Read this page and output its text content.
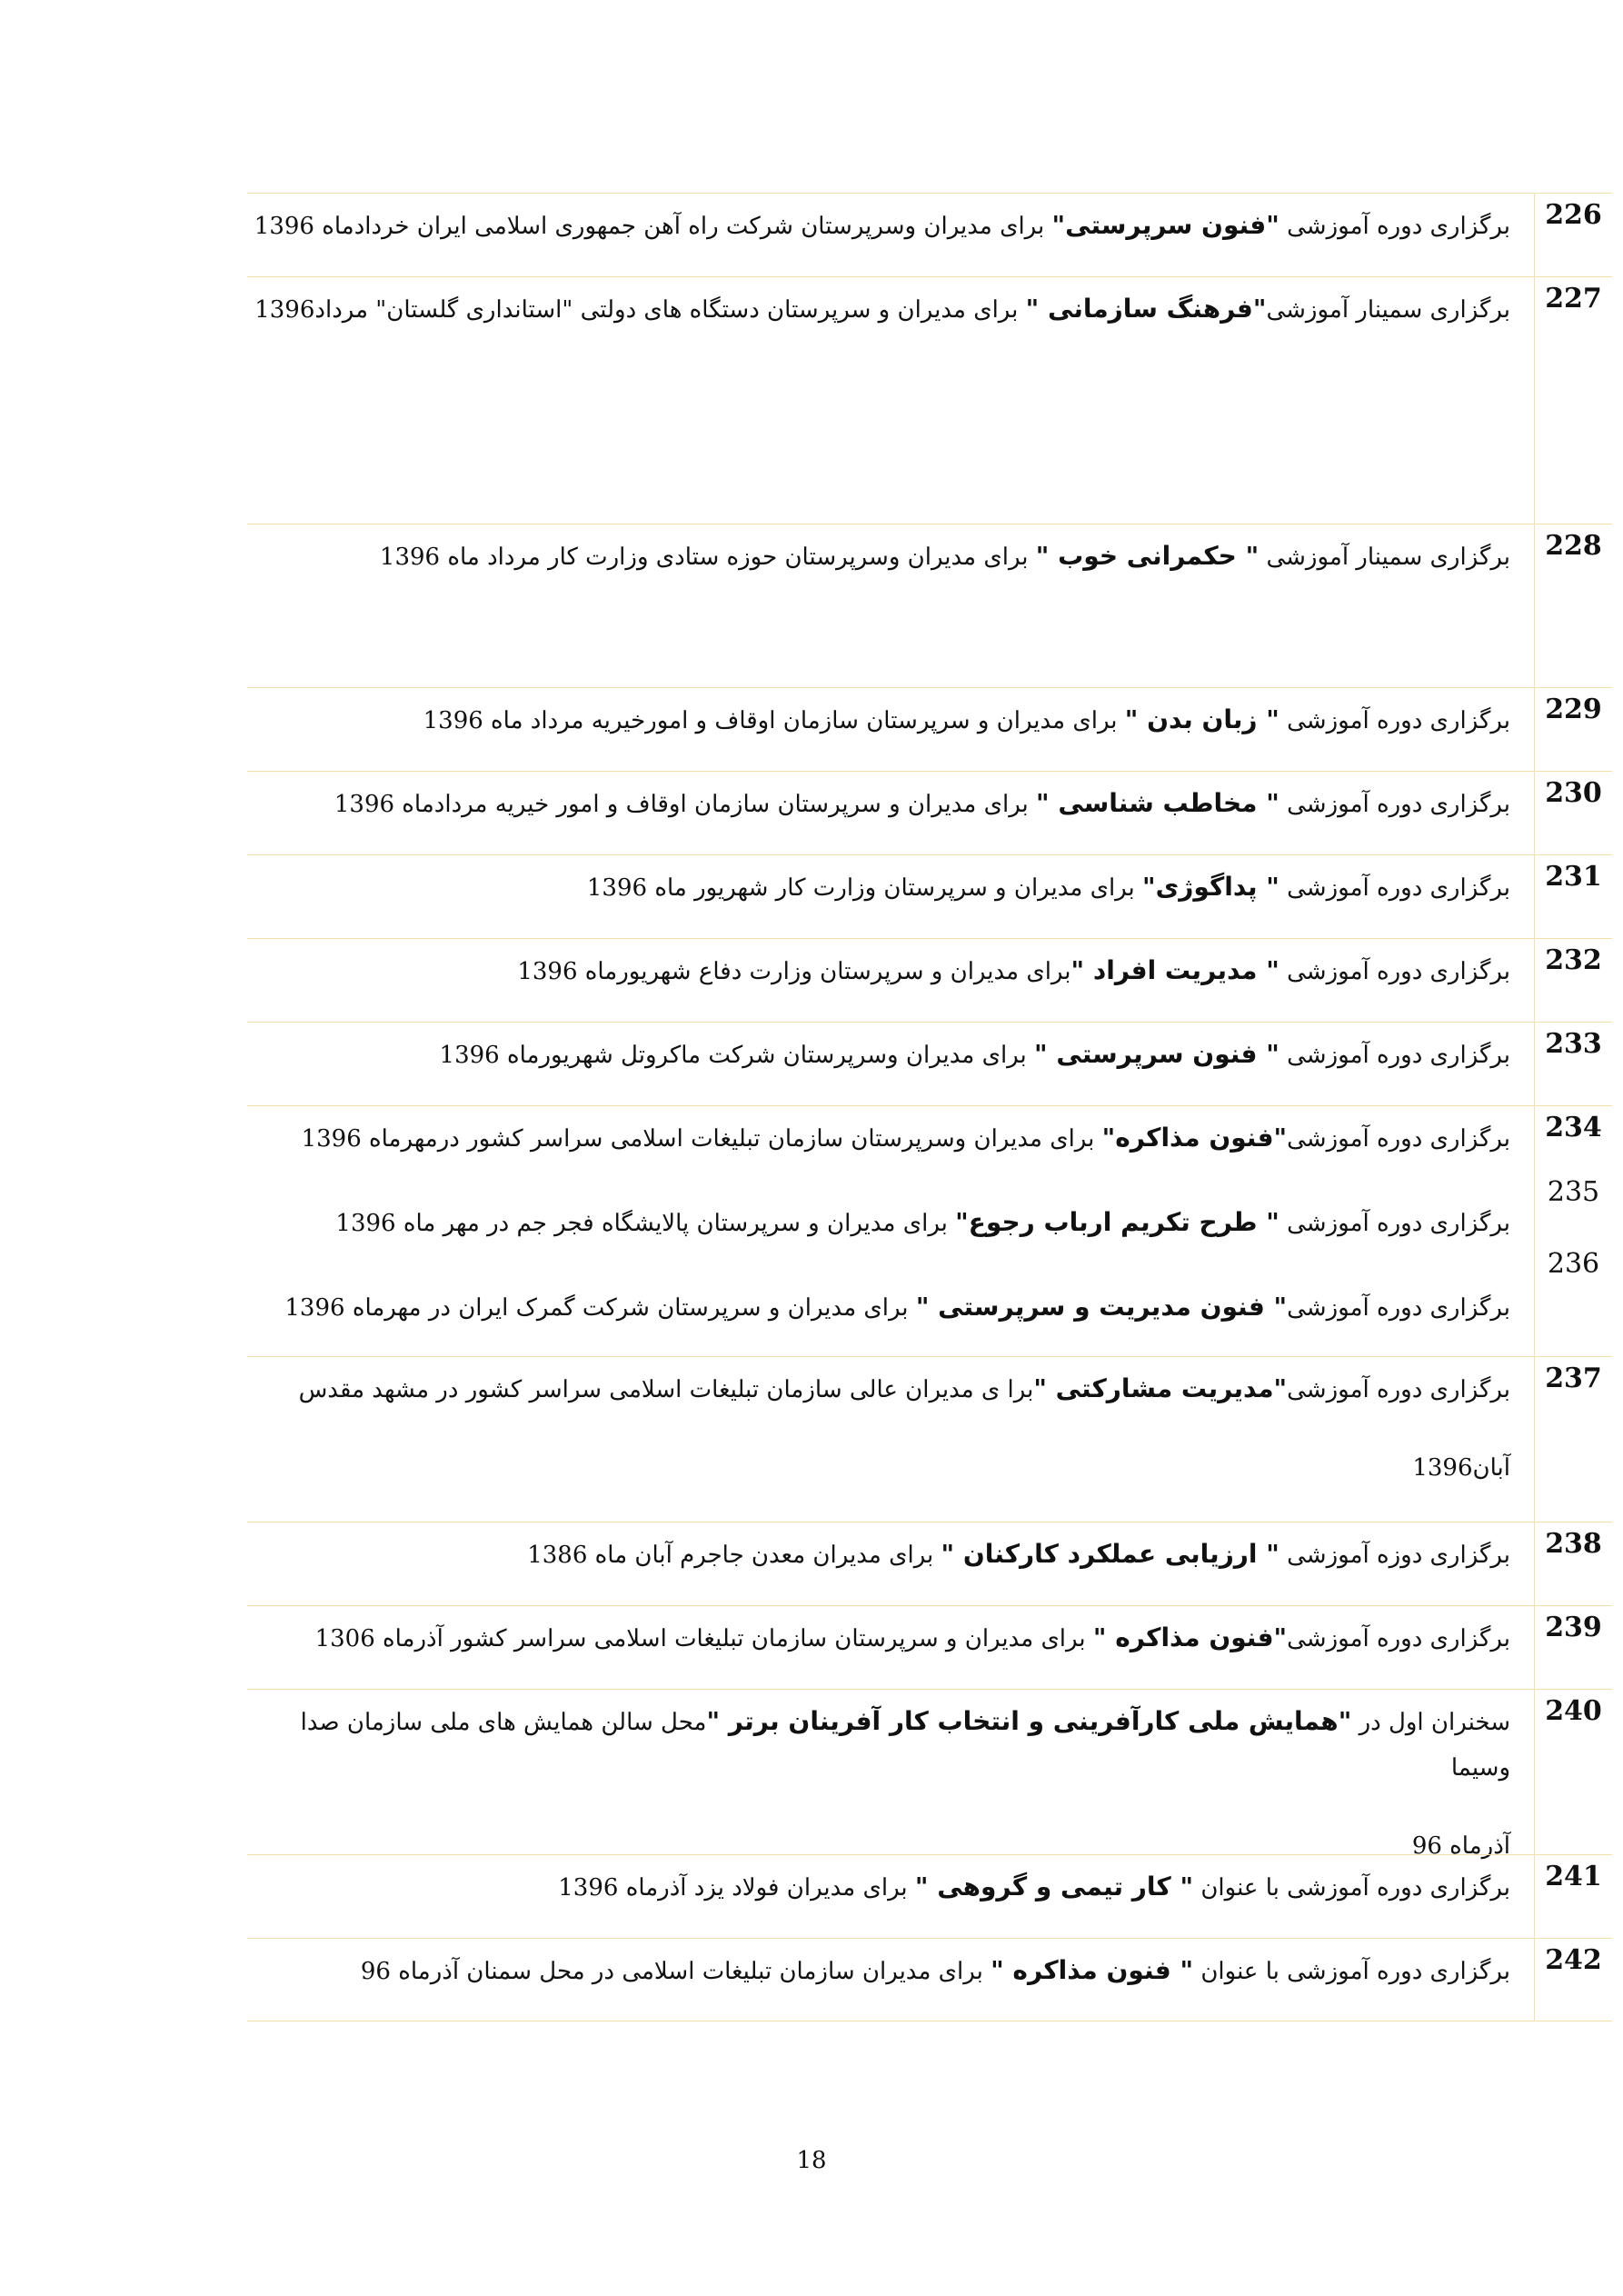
226
برگزاری دوره آموزشی "فنون سرپرستی" برای مدیران وسرپرستان شرکت راه آهن جمهوری اسلامی ایران خردادماه 1396
227
برگزاری سمینار آموزشی"فرهنگ سازمانی " برای مدیران و سرپرستان دستگاه های دولتی "استانداری گلستان" مرداد1396
228
برگزاری سمینار آموزشی " حکمرانی خوب " برای مدیران وسرپرستان حوزه ستادی وزارت کار مرداد ماه 1396
229
برگزاری دوره آموزشی " زبان بدن " برای مدیران و سرپرستان سازمان اوقاف و امورخیریه مرداد ماه 1396
230
برگزاری دوره آموزشی " مخاطب شناسی " برای مدیران و سرپرستان سازمان اوقاف و امور خیریه مردادماه 1396
231
برگزاری دوره آموزشی " پداگوژی" برای مدیران و سرپرستان وزارت کار شهریور ماه 1396
232
برگزاری دوره آموزشی " مدیریت افراد "برای مدیران و سرپرستان وزارت دفاع شهریورماه 1396
233
برگزاری دوره آموزشی " فنون سرپرستی " برای مدیران وسرپرستان شرکت ماکروتل شهریورماه 1396
234
235
236
برگزاری دوره آموزشی"فنون مذاکره" برای مدیران وسرپرستان سازمان تبلیغات اسلامی سراسر کشور درمهرماه 1396
برگزاری دوره آموزشی " طرح تکریم ارباب رجوع" برای مدیران و سرپرستان پالایشگاه فجر جم در مهر ماه 1396
برگزاری دوره آموزشی" فنون مدیریت و سرپرستی " برای مدیران و سرپرستان شرکت گمرک ایران در مهرماه 1396
237
برگزاری دوره آموزشی"مدیریت مشارکتی "برا ی مدیران عالی سازمان تبلیغات اسلامی سراسر کشور در مشهد مقدس
آبان1396
238
برگزاری دوزه آموزشی " ارزیابی عملکرد کارکنان " برای مدیران معدن جاجرم آبان ماه 1386
239
برگزاری دوره آموزشی"فنون مذاکره " برای مدیران و سرپرستان سازمان تبلیغات اسلامی سراسر کشور آذرماه 1306
240
سخنران اول در "همایش ملی کارآفرینی و انتخاب کار آفرینان برتر "محل سالن همایش های ملی سازمان صدا وسیما
آذرماه 96
241
برگزاری دوره آموزشی با عنوان " کار تیمی و گروهی " برای مدیران فولاد یزد آذرماه 1396
242
برگزاری دوره آموزشی با عنوان " فنون مذاکره " برای مدیران سازمان تبلیغات اسلامی در محل سمنان آذرماه 96
18
